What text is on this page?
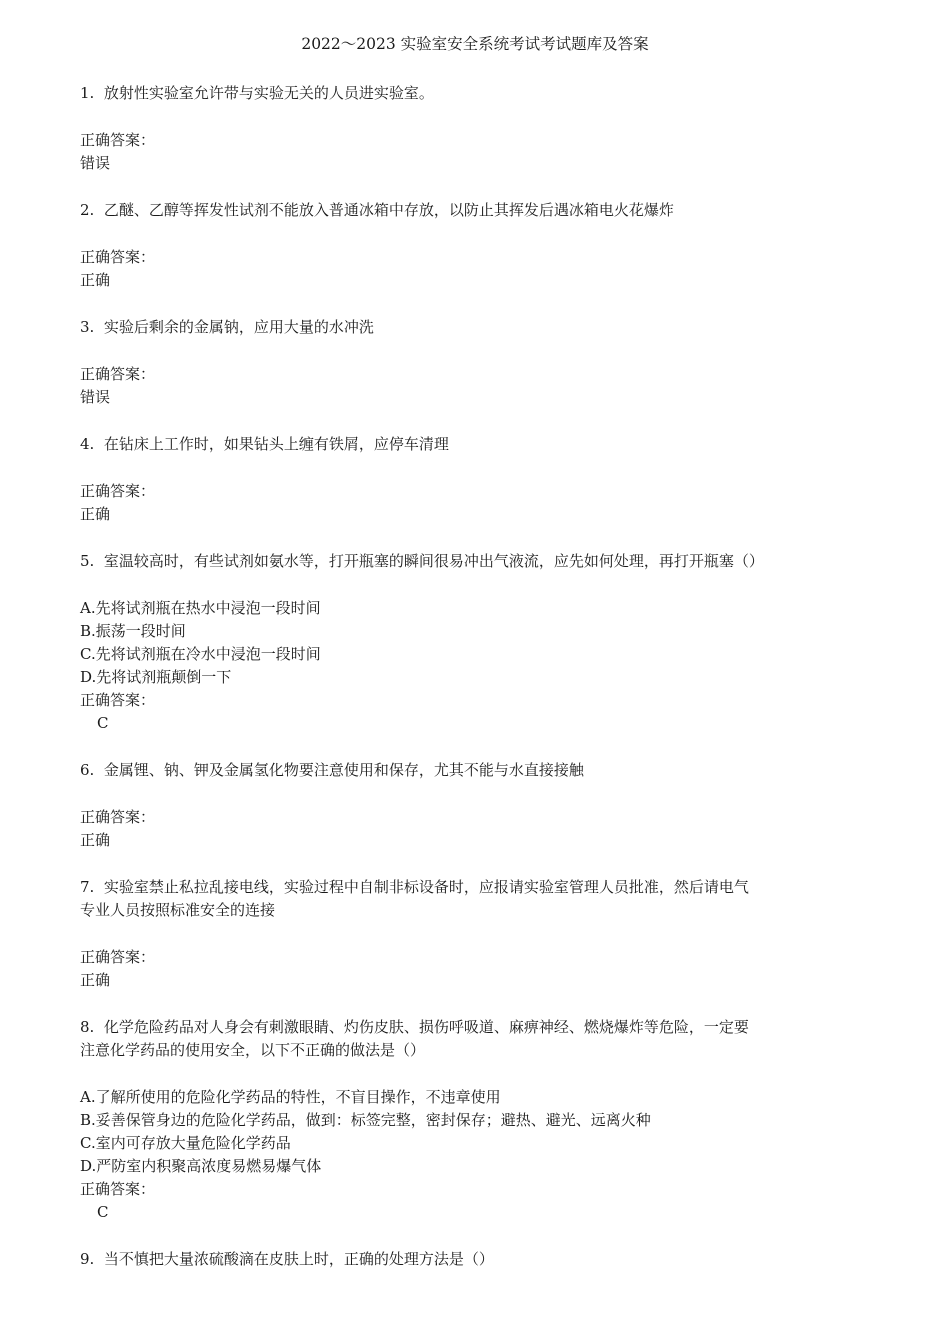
2022～2023 实验室安全系统考试考试题库及答案

1. 放射性实验室允许带与实验无关的人员进实验室。

正确答案：

错误

2. 乙醚、乙醇等挥发性试剂不能放入普通冰箱中存放，以防止其挥发后遇冰箱电火花爆炸

正确答案：

正确

3. 实验后剩余的金属钠，应用大量的水冲洗

正确答案：

错误

4. 在钻床上工作时，如果钻头上缠有铁屑，应停车清理

正确答案：

正确

5. 室温较高时，有些试剂如氨水等，打开瓶塞的瞬间很易冲出气液流，应先如何处理，再打开瓶塞（）

A.先将试剂瓶在热水中浸泡一段时间

B.振荡一段时间

C.先将试剂瓶在冷水中浸泡一段时间

D.先将试剂瓶颠倒一下

正确答案：

C

6. 金属锂、钠、钾及金属氢化物要注意使用和保存，尤其不能与水直接接触

正确答案：

正确

7. 实验室禁止私拉乱接电线，实验过程中自制非标设备时，应报请实验室管理人员批准，然后请电气

专业人员按照标准安全的连接

正确答案：

正确

8. 化学危险药品对人身会有刺激眼睛、灼伤皮肤、损伤呼吸道、麻痹神经、燃烧爆炸等危险，一定要

注意化学药品的使用安全，以下不正确的做法是（）

A.了解所使用的危险化学药品的特性，不盲目操作，不违章使用

B.妥善保管身边的危险化学药品，做到：标签完整，密封保存；避热、避光、远离火种

C.室内可存放大量危险化学药品

D.严防室内积聚高浓度易燃易爆气体

正确答案：

C

9. 当不慎把大量浓硫酸滴在皮肤上时，正确的处理方法是（）
